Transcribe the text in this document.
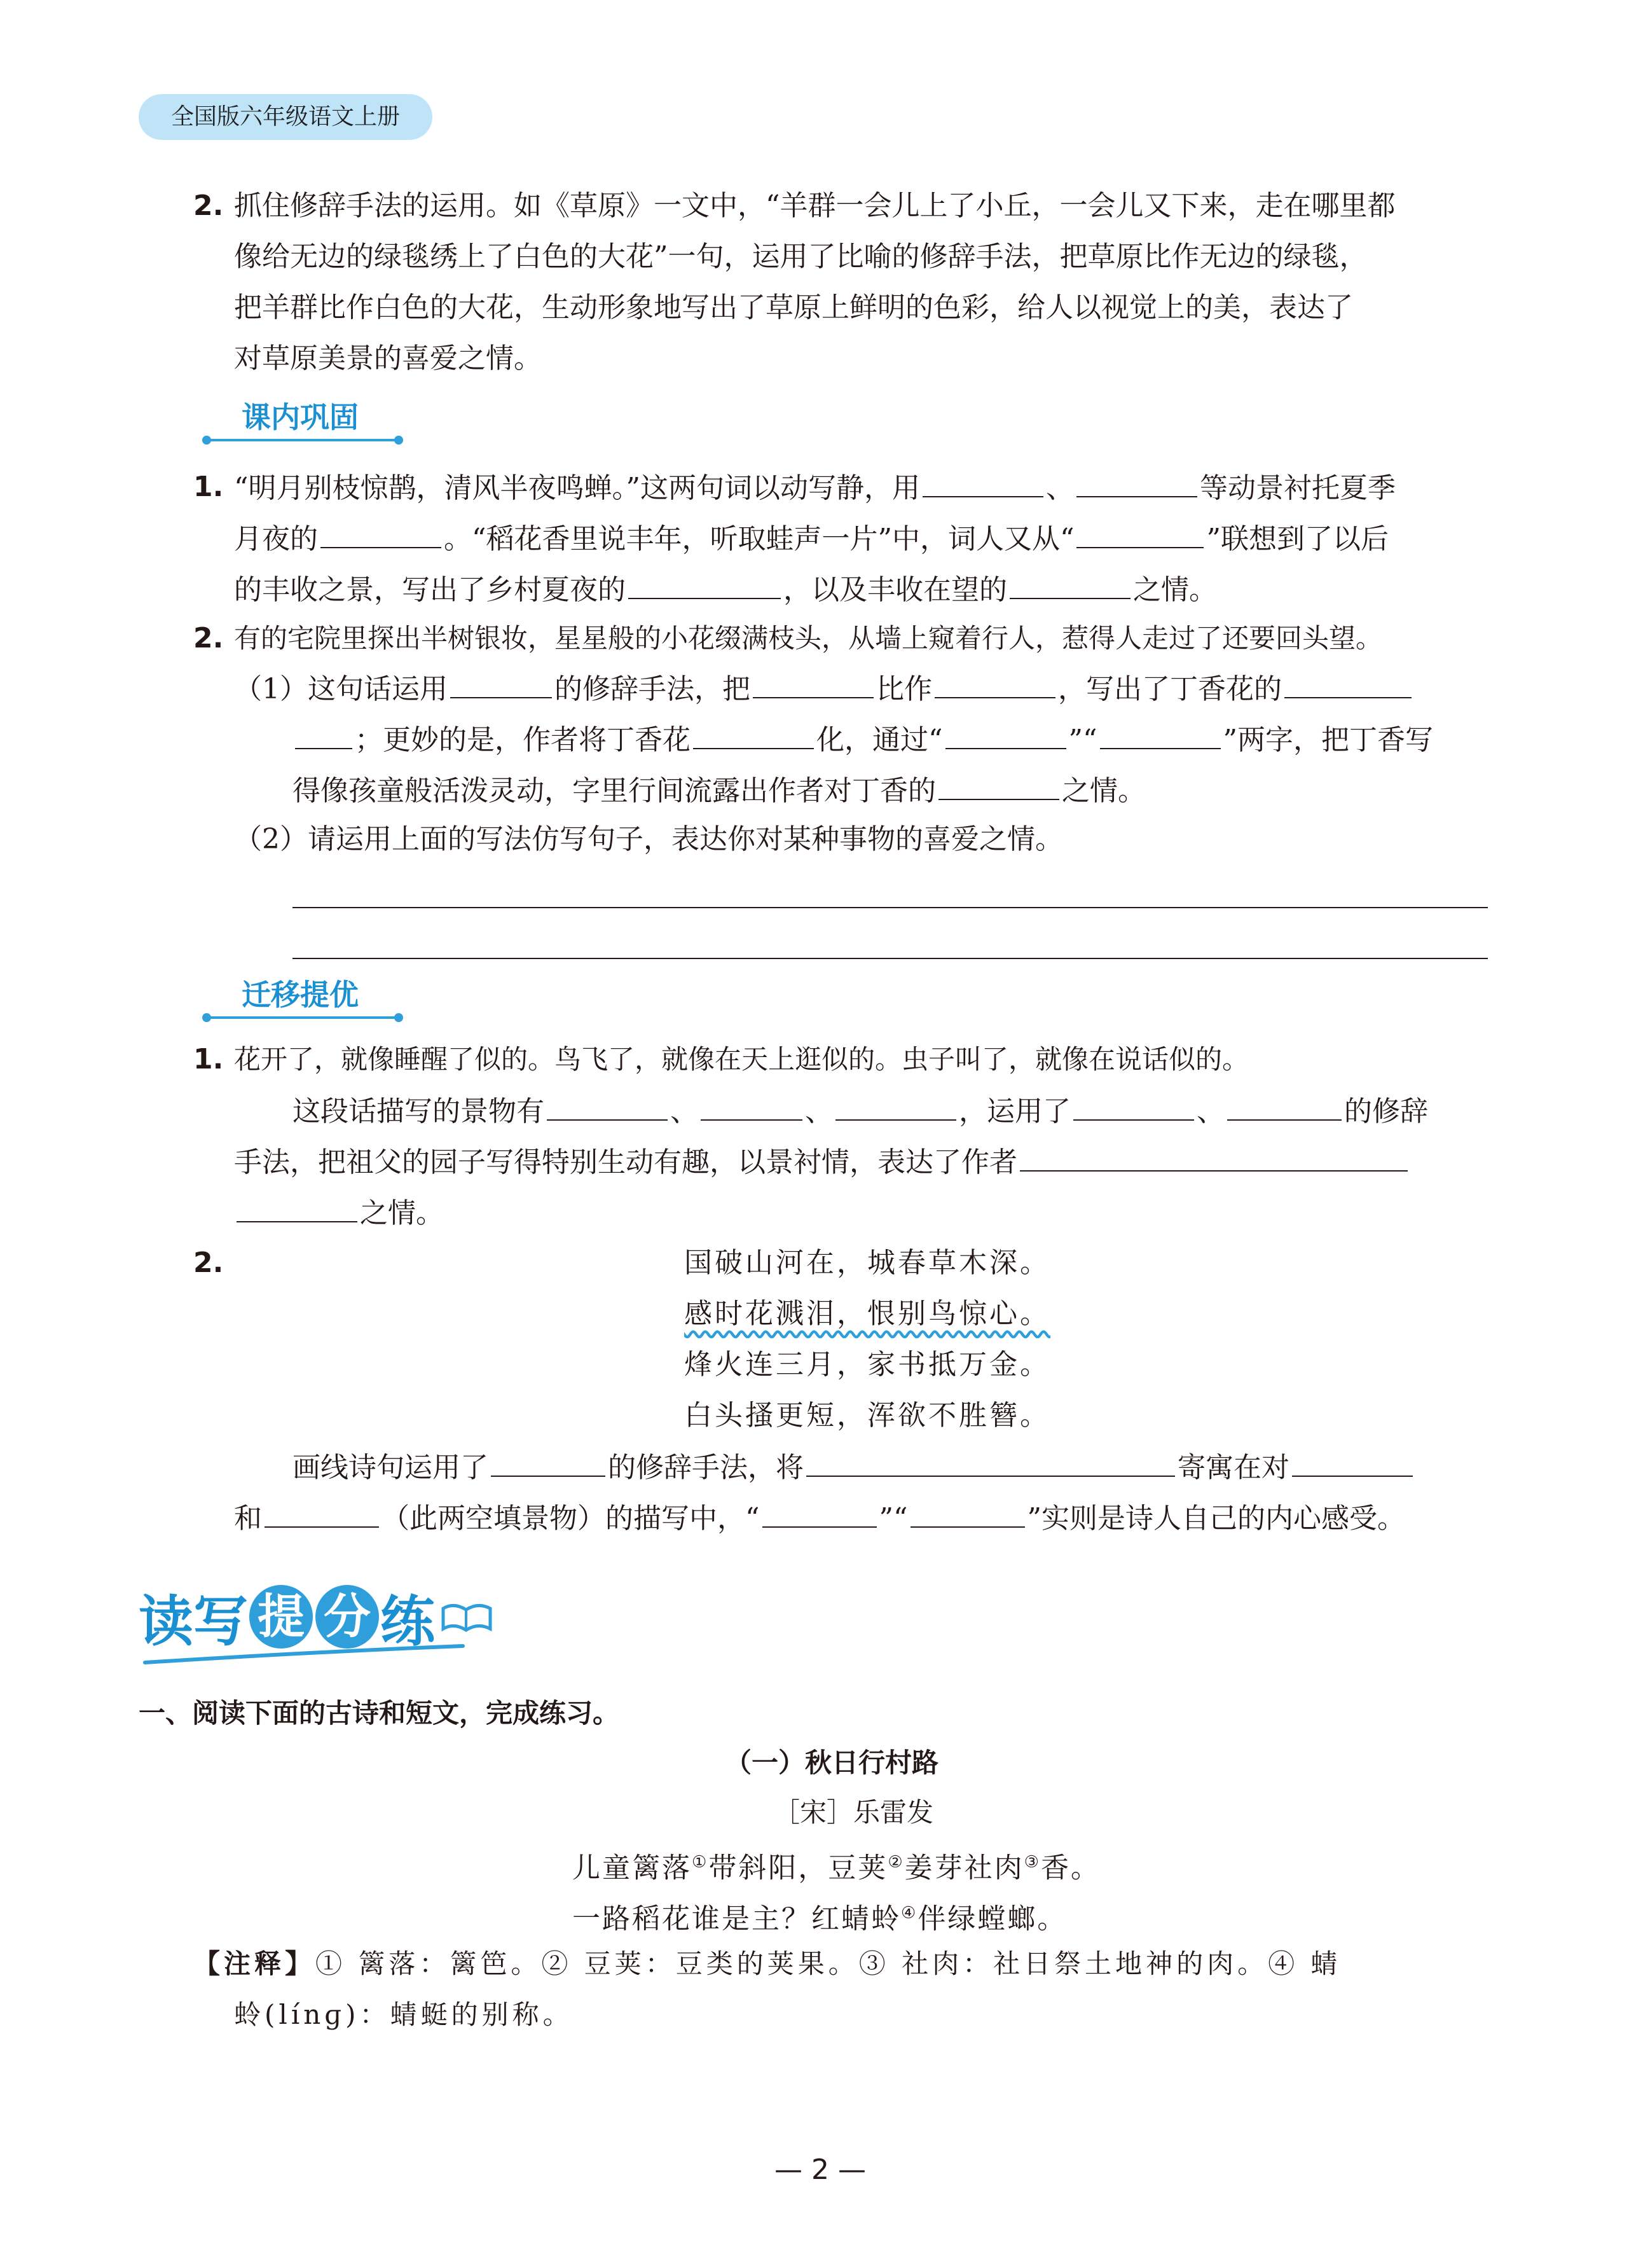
全国版六年级语文上册
2. 抓住修辞手法的运用。如《草原》一文中，“羊群一会儿上了小丘，一会儿又下来，走在哪里都
像给无边的绿毯绣上了白色的大花”一句，运用了比喻的修辞手法，把草原比作无边的绿毯，
把羊群比作白色的大花，生动形象地写出了草原上鲜明的色彩，给人以视觉上的美，表达了
对草原美景的喜爱之情。
课内巩固
1. “明月别枝惊鹊，清风半夜鸣蝉。”这两句词以动写静，用	、	等动景衬托夏季
月夜的	。“稻花香里说丰年，听取蛙声一片”中，词人又从“	”联想到了以后
的丰收之景，写出了乡村夏夜的	，以及丰收在望的	之情。
2. 有的宅院里探出半树银妆，星星般的小花缀满枝头，从墙上窥着行人，惹得人走过了还要回头望。
（1）这句话运用	的修辞手法，把	比作	，写出了丁香花的
；更妙的是，作者将丁香花	化，通过“	”“	”两字，把丁香写
得像孩童般活泼灵动，字里行间流露出作者对丁香的	之情。
（2）请运用上面的写法仿写句子，表达你对某种事物的喜爱之情。
迁移提优
1. 花开了，就像睡醒了似的。鸟飞了，就像在天上逛似的。虫子叫了，就像在说话似的。
这段话描写的景物有	、	、	，运用了	、	的修辞
手法，把祖父的园子写得特别生动有趣，以景衬情，表达了作者
之情。
2.	国破山河在，城春草木深。
感时花溅泪，恨别鸟惊心。
烽火连三月，家书抵万金。
白头搔更短，浑欲不胜簪。
画线诗句运用了	的修辞手法，将	寄寓在对
和	（此两空填景物）的描写中，“	”“	”实则是诗人自己的内心感受。
读写 提 分 练
一、阅读下面的古诗和短文，完成练习。
（一）秋日行村路
［宋］乐雷发
儿童篱落①带斜阳，豆荚②姜芽社肉③香。
一路稻花谁是主？红蜻蛉④伴绿螳螂。
【注释】① 篱落：篱笆。② 豆荚：豆类的荚果。③ 社肉：社日祭土地神的肉。④ 蜻
蛉(línɡ)：蜻蜓的别称。
— 2 —
